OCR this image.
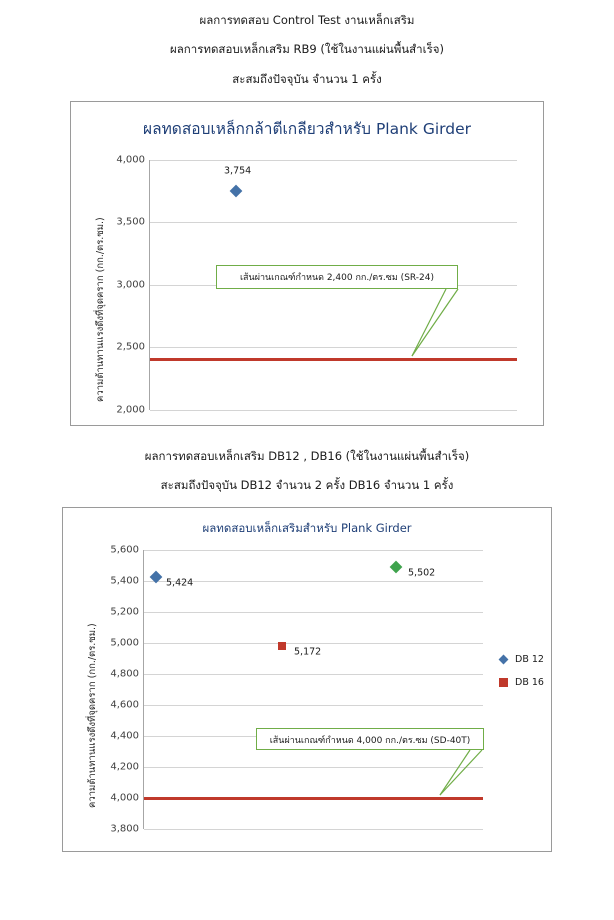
ผลการทดสอบ Control Test งานเหล็กเสริม
ผลการทดสอบเหล็กเสริม RB9 (ใช้ในงานแผ่นพื้นสำเร็จ)
สะสมถึงปัจจุบัน จำนวน 1 ครั้ง
ผลทดสอบเหล็กกล้าตีเกลียวสำหรับ Plank Girder
ความต้านทานแรงดึงที่จุดคราก (กก./ตร.ซม.)
4,000
3,500
3,000
2,500
2,000
เส้นผ่านเกณฑ์กำหนด 2,400 กก./ตร.ซม (SR-24)
3,754
ผลการทดสอบเหล็กเสริม DB12 , DB16 (ใช้ในงานแผ่นพื้นสำเร็จ)
สะสมถึงปัจจุบัน DB12 จำนวน 2 ครั้ง DB16 จำนวน 1 ครั้ง
ผลทดสอบเหล็กเสริมสำหรับ Plank Girder
ความต้านทานแรงดึงที่จุดคราก (กก./ตร.ซม.)
5,600
5,400
5,200
5,000
4,800
4,600
4,400
4,200
4,000
3,800
เส้นผ่านเกณฑ์กำหนด 4,000 กก./ตร.ซม (SD-40T)
5,424
5,172
5,502
DB 12
DB 16
